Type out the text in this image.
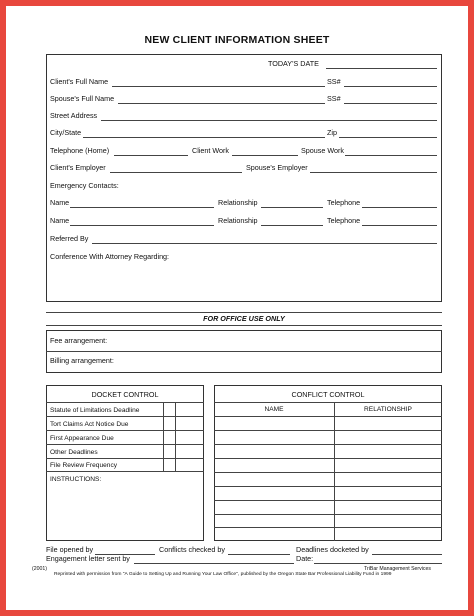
NEW CLIENT INFORMATION SHEET
TODAY'S DATE
Client's Full Name	SS#
Spouse's Full Name	SS#
Street Address
City/State	Zip
Telephone (Home)	Client Work	Spouse Work
Client's Employer	Spouse's Employer
Emergency Contacts:
Name	Relationship	Telephone
Name	Relationship	Telephone
Referred By
Conference With Attorney Regarding:
FOR OFFICE USE ONLY
Fee arrangement:
Billing arrangement:
DOCKET CONTROL
Statute of Limitations Deadline
Tort Claims Act Notice Due
First Appearance Due
Other Deadlines
File Review Frequency
INSTRUCTIONS:
CONFLICT CONTROL
NAME	RELATIONSHIP
File opened by	Conflicts checked by	Deadlines docketed by
Engagement letter sent by	Date:
(2001)	TriBar Management Services
Reprinted with permission from "A Guide to Setting Up and Running Your Law Office", published by the Oregon State Bar Professional Liability Fund in 1999
